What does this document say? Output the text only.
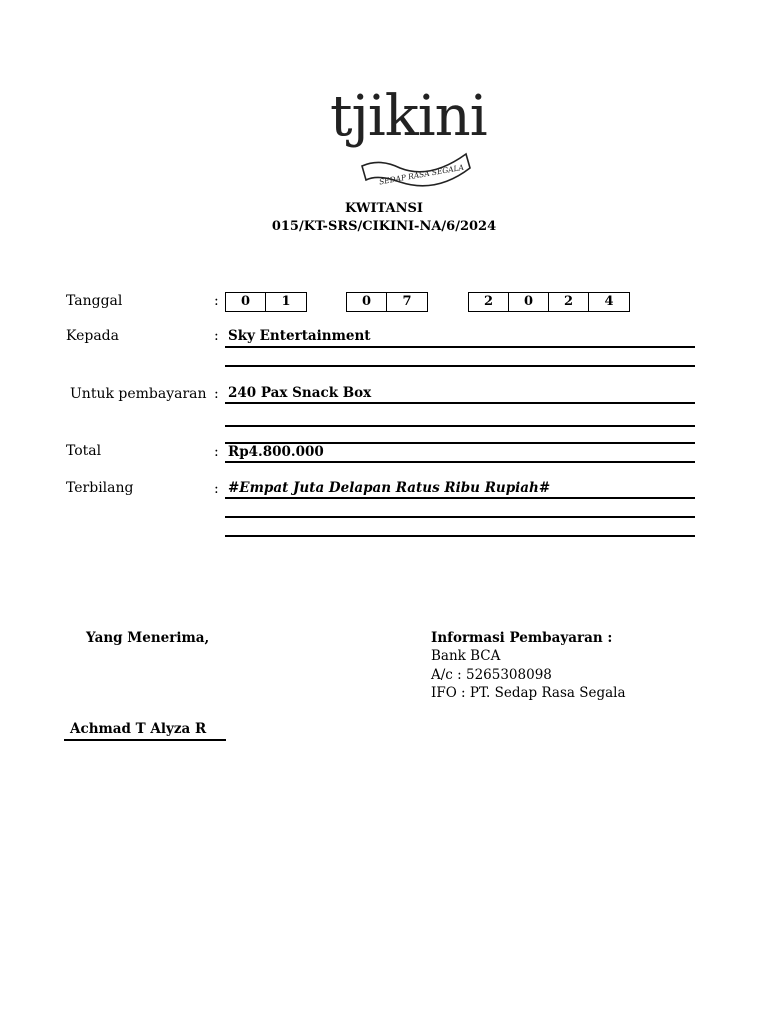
tjikini
SEDAP RASA SEGALA
KWITANSI
015/KT-SRS/CIKINI-NA/6/2024
Tanggal	:	0	1	0	7	2	0	2	4
Kepada	: Sky Entertainment
Untuk pembayaran : 240 Pax Snack Box
Total	: Rp4.800.000
Terbilang	: #Empat Juta Delapan Ratus Ribu Rupiah#
Yang Menerima,
Achmad T Alyza R
Informasi Pembayaran :
Bank BCA
A/c : 5265308098
IFO : PT. Sedap Rasa Segala
